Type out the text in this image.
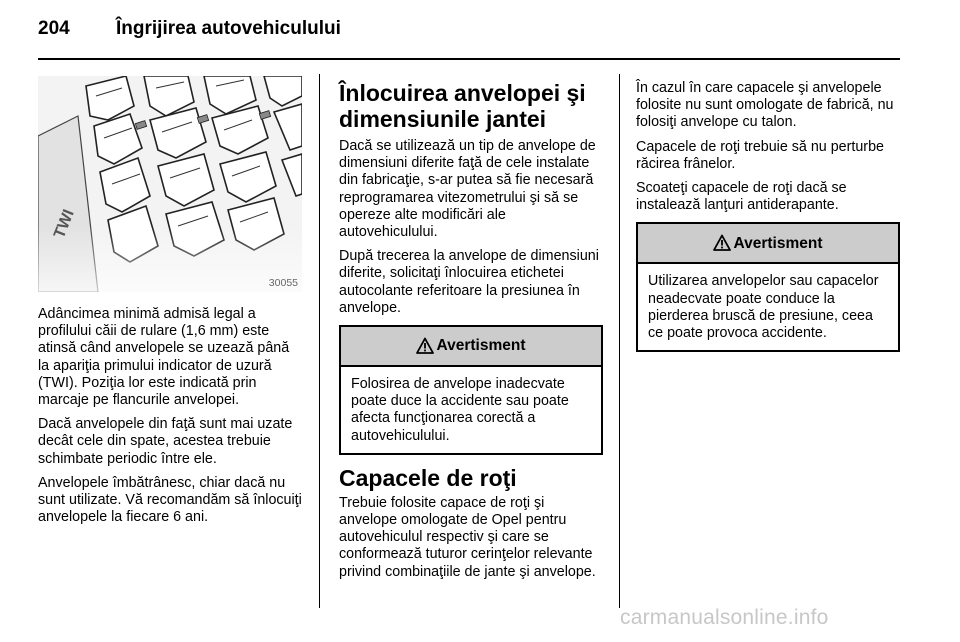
204 Îngrijirea autovehiculului
TWI
30055

Adâncimea minimă admisă legal a profilului căii de rulare (1,6 mm) este atinsă când anvelopele se uzează până la apariţia primului indicator de uzură (TWI). Poziţia lor este indicată prin marcaje pe flancurile anvelopei.

Dacă anvelopele din faţă sunt mai uzate decât cele din spate, acestea trebuie schimbate periodic între ele.

Anvelopele îmbătrânesc, chiar dacă nu sunt utilizate. Vă recomandăm să înlocuiţi anvelopele la fiecare 6 ani.

Înlocuirea anvelopei şi dimensiunile jantei

Dacă se utilizează un tip de anvelope de dimensiuni diferite faţă de cele instalate din fabricaţie, s-ar putea să fie necesară reprogramarea vitezometrului şi să se opereze alte modificări ale autovehiculului.

După trecerea la anvelope de dimensiuni diferite, solicitaţi înlocuirea etichetei autocolante referitoare la presiunea în anvelope.

Avertisment
Folosirea de anvelope inadecvate poate duce la accidente sau poate afecta funcţionarea corectă a autovehiculului.
Capacele de roţi

Trebuie folosite capace de roţi şi anvelope omologate de Opel pentru autovehiculul respectiv şi care se conformează tuturor cerinţelor relevante privind combinaţiile de jante şi anvelope.

În cazul în care capacele şi anvelopele folosite nu sunt omologate de fabrică, nu folosiţi anvelope cu talon.

Capacele de roţi trebuie să nu perturbe răcirea frânelor.

Scoateţi capacele de roţi dacă se instalează lanţuri antiderapante.

Avertisment
Utilizarea anvelopelor sau capacelor neadecvate poate conduce la pierderea bruscă de presiune, ceea ce poate provoca accidente.
carmanualsonline.info
